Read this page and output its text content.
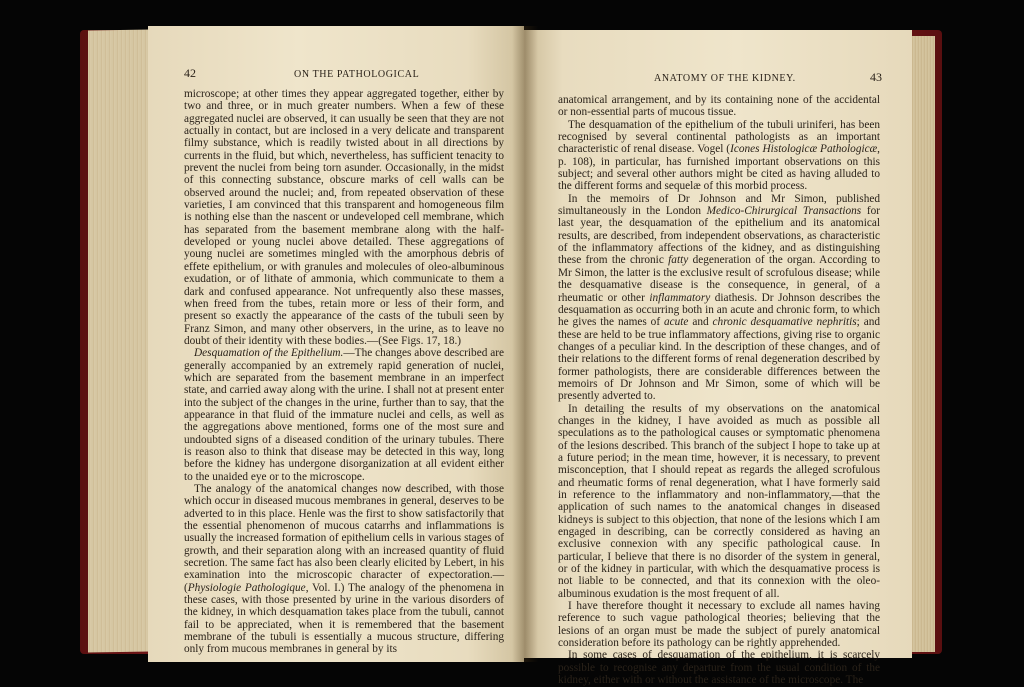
42	ON THE PATHOLOGICAL

microscope; at other times they appear aggregated together, either by two and three, or in much greater numbers. When a few of these aggregated nuclei are observed, it can usually be seen that they are not actually in contact, but are inclosed in a very delicate and transparent filmy substance, which is readily twisted about in all directions by currents in the fluid, but which, nevertheless, has sufficient tenacity to prevent the nuclei from being torn asunder. Occasionally, in the midst of this connecting substance, obscure marks of cell walls can be observed around the nuclei; and, from repeated observation of these varieties, I am convinced that this transparent and homogeneous film is nothing else than the nascent or undeveloped cell membrane, which has separated from the basement membrane along with the half-developed or young nuclei above detailed. These aggregations of young nuclei are sometimes mingled with the amorphous debris of effete epithelium, or with granules and molecules of oleo-albuminous exudation, or of lithate of ammonia, which communicate to them a dark and confused appearance. Not unfrequently also these masses, when freed from the tubes, retain more or less of their form, and present so exactly the appearance of the casts of the tubuli seen by Franz Simon, and many other observers, in the urine, as to leave no doubt of their identity with these bodies.—(See Figs. 17, 18.)

Desquamation of the Epithelium.—The changes above described are generally accompanied by an extremely rapid generation of nuclei, which are separated from the basement membrane in an imperfect state, and carried away along with the urine. I shall not at present enter into the subject of the changes in the urine, further than to say, that the appearance in that fluid of the immature nuclei and cells, as well as the aggregations above mentioned, forms one of the most sure and undoubted signs of a diseased condition of the urinary tubules. There is reason also to think that disease may be detected in this way, long before the kidney has undergone disorganization at all evident either to the unaided eye or to the microscope.

The analogy of the anatomical changes now described, with those which occur in diseased mucous membranes in general, deserves to be adverted to in this place. Henle was the first to show satisfactorily that the essential phenomenon of mucous catarrhs and inflammations is usually the increased formation of epithelium cells in various stages of growth, and their separation along with an increased quantity of fluid secretion. The same fact has also been clearly elicited by Lebert, in his examination into the microscopic character of expectoration.—(Physiologie Pathologique, Vol. I.) The analogy of the phenomena in these cases, with those presented by urine in the various disorders of the kidney, in which desquamation takes place from the tubuli, cannot fail to be appreciated, when it is remembered that the basement membrane of the tubuli is essentially a mucous structure, differing only from mucous membranes in general by its

ANATOMY OF THE KIDNEY.	43

anatomical arrangement, and by its containing none of the accidental or non-essential parts of mucous tissue.

The desquamation of the epithelium of the tubuli uriniferi, has been recognised by several continental pathologists as an important characteristic of renal disease. Vogel (Icones Histologicæ Pathologicæ, p. 108), in particular, has furnished important observations on this subject; and several other authors might be cited as having alluded to the different forms and sequelæ of this morbid process.

In the memoirs of Dr Johnson and Mr Simon, published simultaneously in the London Medico-Chirurgical Transactions for last year, the desquamation of the epithelium and its anatomical results, are described, from independent observations, as characteristic of the inflammatory affections of the kidney, and as distinguishing these from the chronic fatty degeneration of the organ. According to Mr Simon, the latter is the exclusive result of scrofulous disease; while the desquamative disease is the consequence, in general, of a rheumatic or other inflammatory diathesis. Dr Johnson describes the desquamation as occurring both in an acute and chronic form, to which he gives the names of acute and chronic desquamative nephritis; and these are held to be true inflammatory affections, giving rise to organic changes of a peculiar kind. In the description of these changes, and of their relations to the different forms of renal degeneration described by former pathologists, there are considerable differences between the memoirs of Dr Johnson and Mr Simon, some of which will be presently adverted to.

In detailing the results of my observations on the anatomical changes in the kidney, I have avoided as much as possible all speculations as to the pathological causes or symptomatic phenomena of the lesions described. This branch of the subject I hope to take up at a future period; in the mean time, however, it is necessary, to prevent misconception, that I should repeat as regards the alleged scrofulous and rheumatic forms of renal degeneration, what I have formerly said in reference to the inflammatory and non-inflammatory,—that the application of such names to the anatomical changes in diseased kidneys is subject to this objection, that none of the lesions which I am engaged in describing, can be correctly considered as having an exclusive connexion with any specific pathological cause. In particular, I believe that there is no disorder of the system in general, or of the kidney in particular, with which the desquamative process is not liable to be connected, and that its connexion with the oleo-albuminous exudation is the most frequent of all.

I have therefore thought it necessary to exclude all names having reference to such vague pathological theories; believing that the lesions of an organ must be made the subject of purely anatomical consideration before its pathology can be rightly apprehended.

In some cases of desquamation of the epithelium, it is scarcely possible to recognise any departure from the usual condition of the kidney, either with or without the assistance of the microscope. The
